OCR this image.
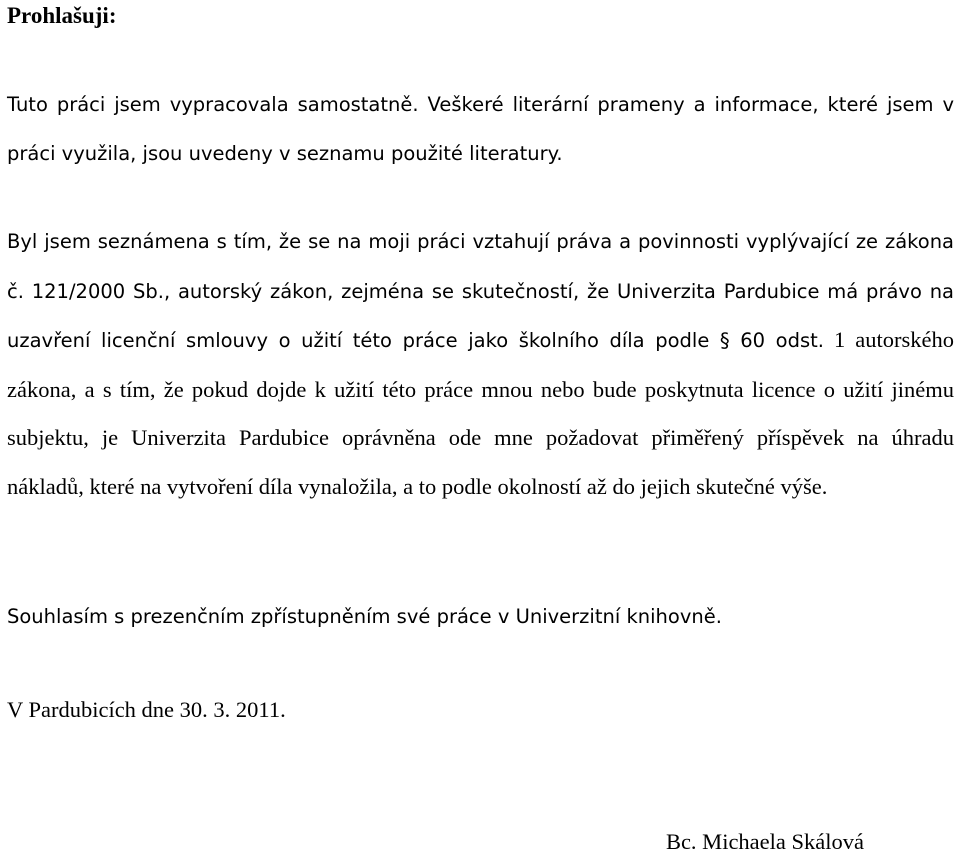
Prohlašuji:

Tuto práci jsem vypracovala samostatně. Veškeré literární prameny a informace, které jsem v práci využila, jsou uvedeny v seznamu použité literatury.

Byl jsem seznámena s tím, že se na moji práci vztahují práva a povinnosti vyplývající ze zákona č. 121/2000 Sb., autorský zákon, zejména se skutečností, že Univerzita Pardubice má právo na uzavření licenční smlouvy o užití této práce jako školního díla podle § 60 odst. 1 autorského zákona, a s tím, že pokud dojde k užití této práce mnou nebo bude poskytnuta licence o užití jinému subjektu, je Univerzita Pardubice oprávněna ode mne požadovat přiměřený příspěvek na úhradu nákladů, které na vytvoření díla vynaložila, a to podle okolností až do jejich skutečné výše.

Souhlasím s prezenčním zpřístupněním své práce v Univerzitní knihovně.

V Pardubicích dne 30. 3. 2011.

Bc. Michaela Skálová
